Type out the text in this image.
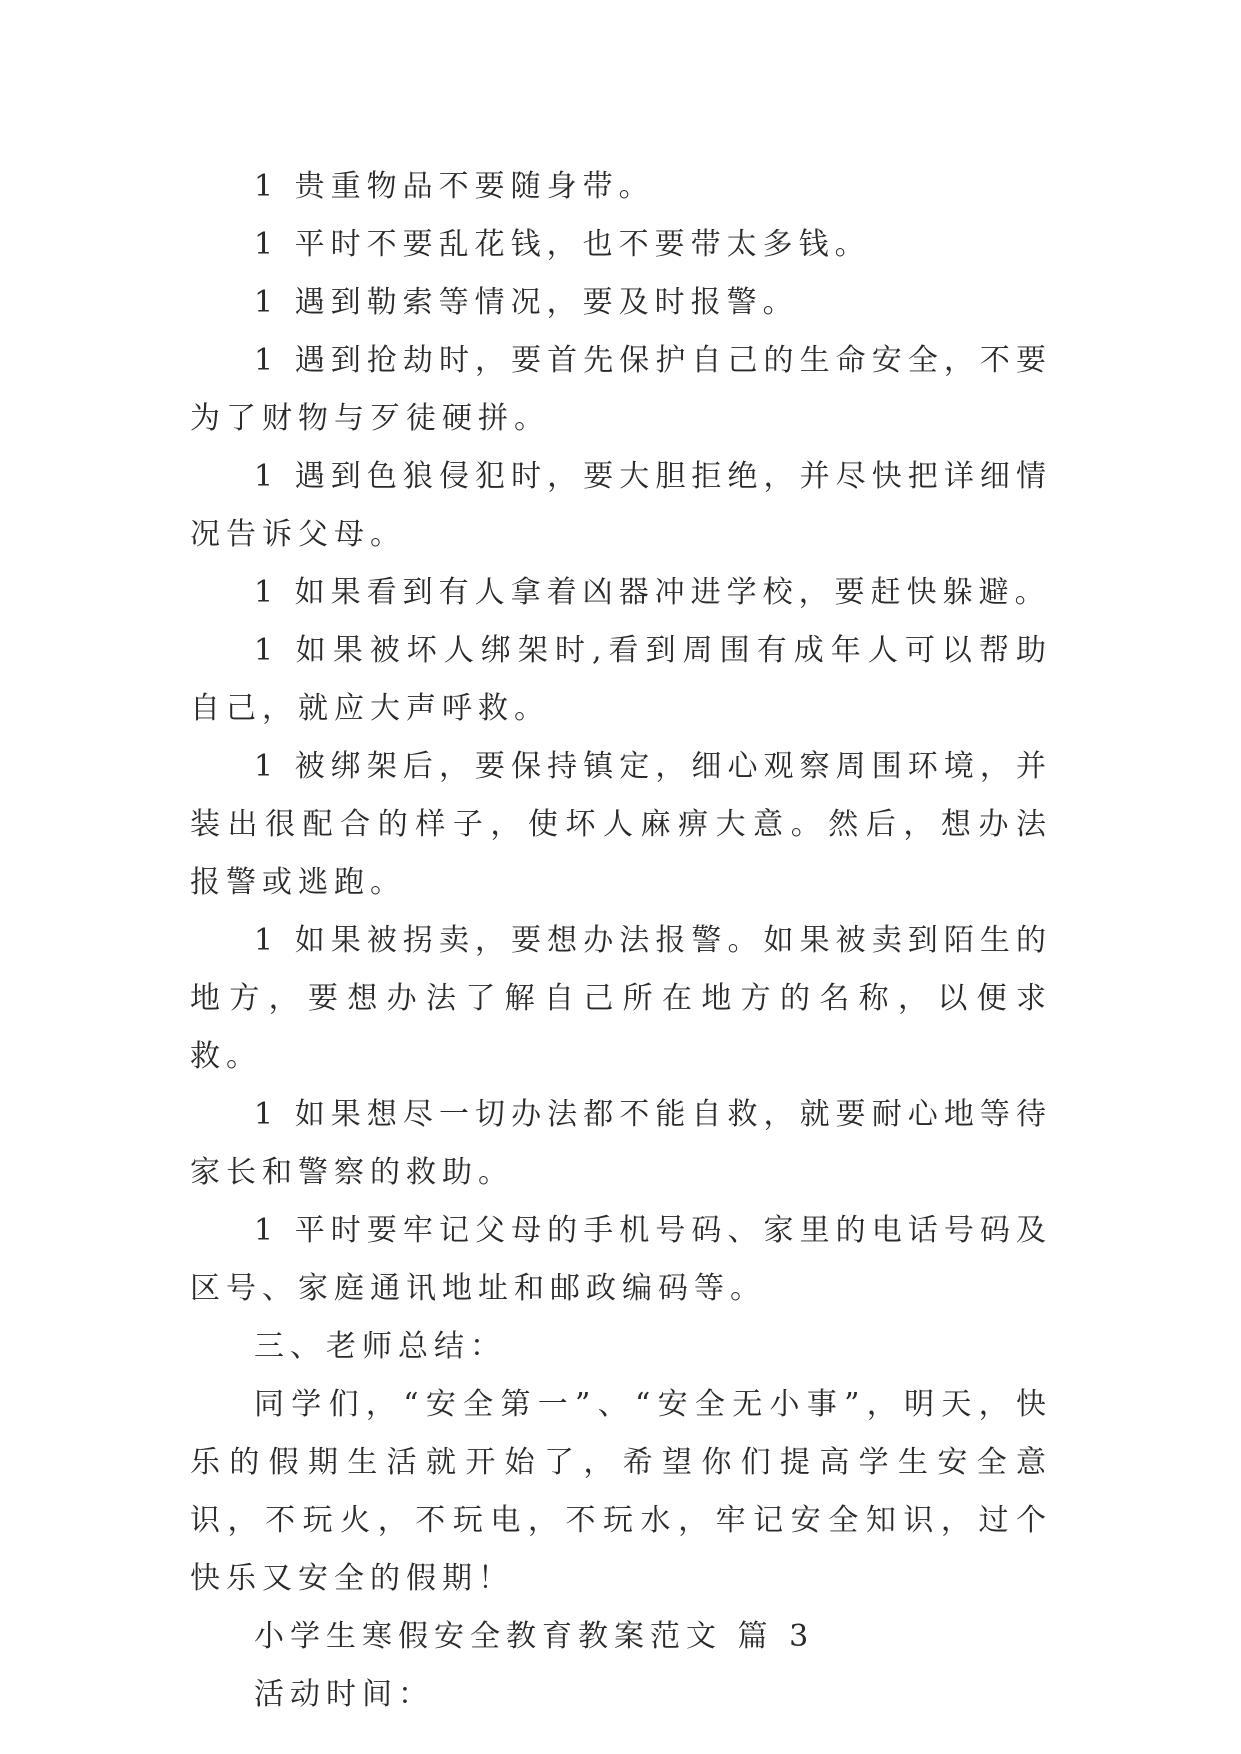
1 贵重物品不要随身带。

1 平时不要乱花钱，也不要带太多钱。

1 遇到勒索等情况，要及时报警。

1 遇到抢劫时，要首先保护自己的生命安全，不要为了财物与歹徒硬拼。

1 遇到色狼侵犯时，要大胆拒绝，并尽快把详细情况告诉父母。

1 如果看到有人拿着凶器冲进学校，要赶快躲避。

1 如果被坏人绑架时,看到周围有成年人可以帮助自己，就应大声呼救。

1 被绑架后，要保持镇定，细心观察周围环境，并装出很配合的样子，使坏人麻痹大意。然后，想办法报警或逃跑。

1 如果被拐卖，要想办法报警。如果被卖到陌生的地方，要想办法了解自己所在地方的名称，以便求救。

1 如果想尽一切办法都不能自救，就要耐心地等待家长和警察的救助。

1 平时要牢记父母的手机号码、家里的电话号码及区号、家庭通讯地址和邮政编码等。

三、老师总结：

同学们，“安全第一”、“安全无小事”，明天，快乐的假期生活就开始了，希望你们提高学生安全意识，不玩火，不玩电，不玩水，牢记安全知识，过个快乐又安全的假期！

小学生寒假安全教育教案范文 篇 3

活动时间：
